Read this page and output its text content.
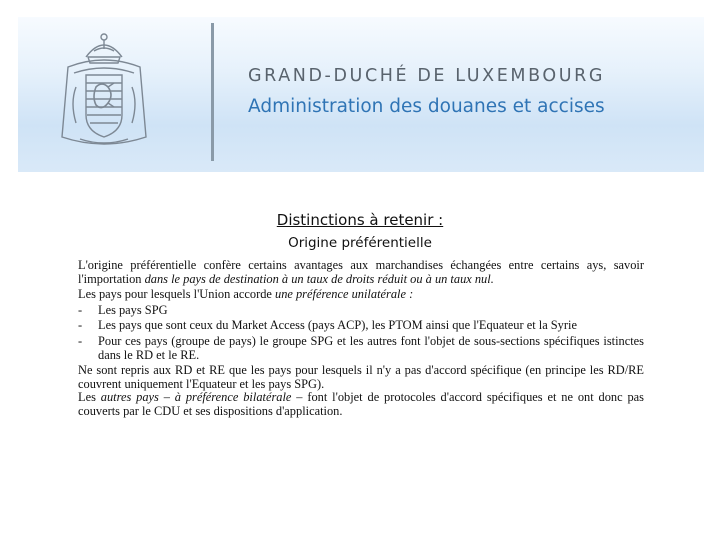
GRAND-DUCHÉ DE LUXEMBOURG
Administration des douanes et accises
Distinctions à retenir :
Origine préférentielle

L'origine préférentielle confère certains avantages aux marchandises échangées entre certains ays, savoir l'importation dans le pays de destination à un taux de droits réduit ou à un taux nul.

Les pays pour lesquels l'Union accorde une préférence unilatérale :

-	Les pays SPG
-	Les pays que sont ceux du Market Access (pays ACP), les PTOM ainsi que l'Equateur et la Syrie
-	Pour ces pays (groupe de pays) le groupe SPG et les autres font l'objet de sous-sections spécifiques istinctes dans le RD et le RE.

Ne sont repris aux RD et RE que les pays pour lesquels il n'y a pas d'accord spécifique (en principe les RD/RE couvrent uniquement l'Equateur et les pays SPG).

Les autres pays – à préférence bilatérale – font l'objet de protocoles d'accord spécifiques et ne ont donc pas couverts par le CDU et ses dispositions d'application.
